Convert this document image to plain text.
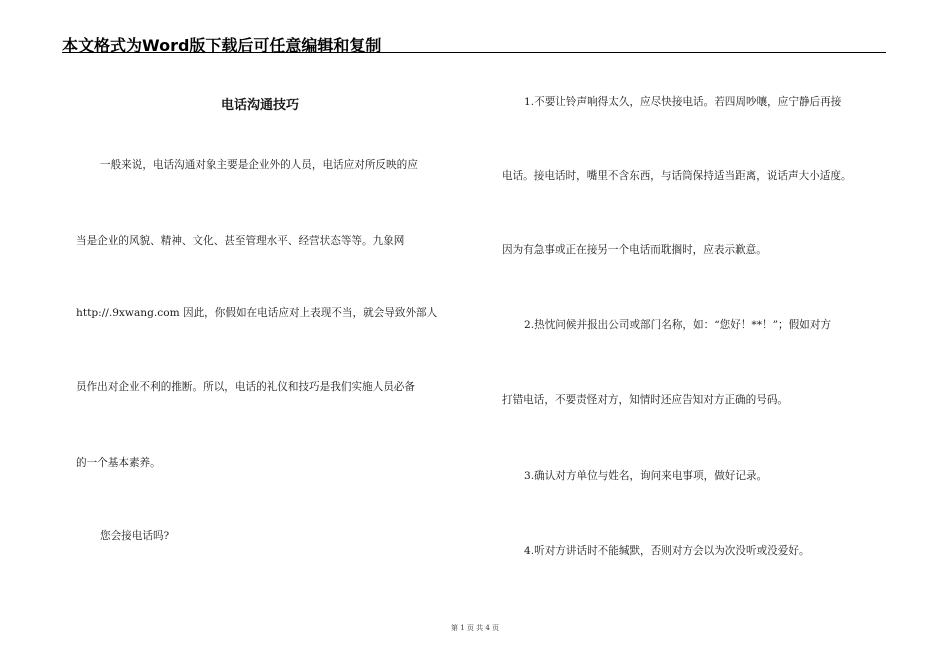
本文格式为Word版下载后可任意编辑和复制
电话沟通技巧
一般来说，电话沟通对象主要是企业外的人员，电话应对所反映的应
当是企业的风貌、精神、文化、甚至管理水平、经营状态等等。九象网
http://.9xwang.com 因此，你假如在电话应对上表现不当，就会导致外部人
员作出对企业不利的推断。所以，电话的礼仪和技巧是我们实施人员必备
的一个基本素养。
您会接电话吗?
1.不要让铃声响得太久，应尽快接电话。若四周吵嚷，应宁静后再接
电话。接电话时，嘴里不含东西，与话筒保持适当距离，说话声大小适度。
因为有急事或正在接另一个电话而耽搁时，应表示歉意。
2.热忱问候并报出公司或部门名称，如：“您好！**！”；假如对方
打错电话，不要责怪对方，知情时还应告知对方正确的号码。
3.确认对方单位与姓名，询问来电事项，做好记录。
4.听对方讲话时不能缄默，否则对方会以为次没听或没爱好。
第 1 页 共 4 页
